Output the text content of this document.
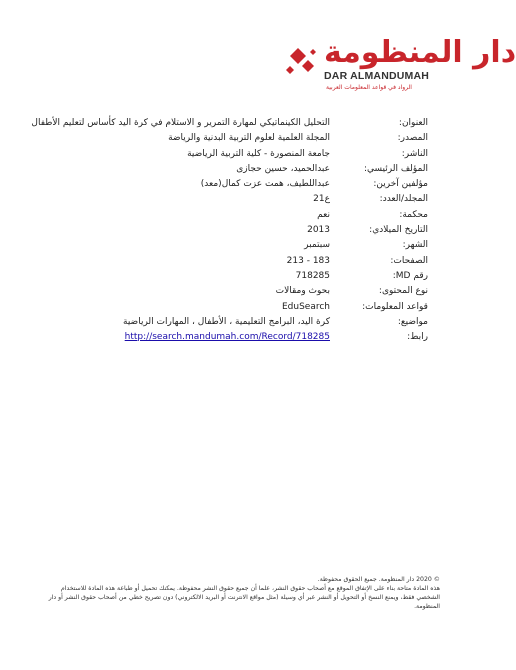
دار المنظومة
DAR ALMANDUMAH
الرواد في قواعد المعلومات العربية
العنوان:
التحليل الكينماتيكي لمهارة التمرير و الاستلام في كرة اليد كأساس لتعليم الأطفال
المصدر:
المجلة العلمية لعلوم التربية البدنية والرياضة
الناشر:
جامعة المنصورة - كلية التربية الرياضية
المؤلف الرئيسي:
عبدالحميد، حسين حجازى
مؤلفين آخرين:
عبداللطيف، همت عزت كمال(معد)
المجلد/العدد:
ع21
محكمة:
نعم
التاريخ الميلادي:
2013
الشهر:
سبتمبر
الصفحات:
183 - 213
رقم MD:
718285
نوع المحتوى:
بحوث ومقالات
قواعد المعلومات:
EduSearch
مواضيع:
كرة اليد، البرامج التعليمية ، الأطفال ، المهارات الرياضية
رابط:
http://search.mandumah.com/Record/718285
© 2020 دار المنظومة. جميع الحقوق محفوظة.
هذه المادة متاحة بناء على الإتفاق الموقع مع أصحاب حقوق النشر، علما أن جميع حقوق النشر محفوظة. يمكنك تحميل أو طباعة هذه المادة للاستخدام الشخصي فقط، ويمنع النسخ أو التحويل أو النشر عبر أي وسيلة (مثل مواقع الانترنت أو البريد الالكتروني) دون تصريح خطي من أصحاب حقوق النشر أو دار المنظومة.
